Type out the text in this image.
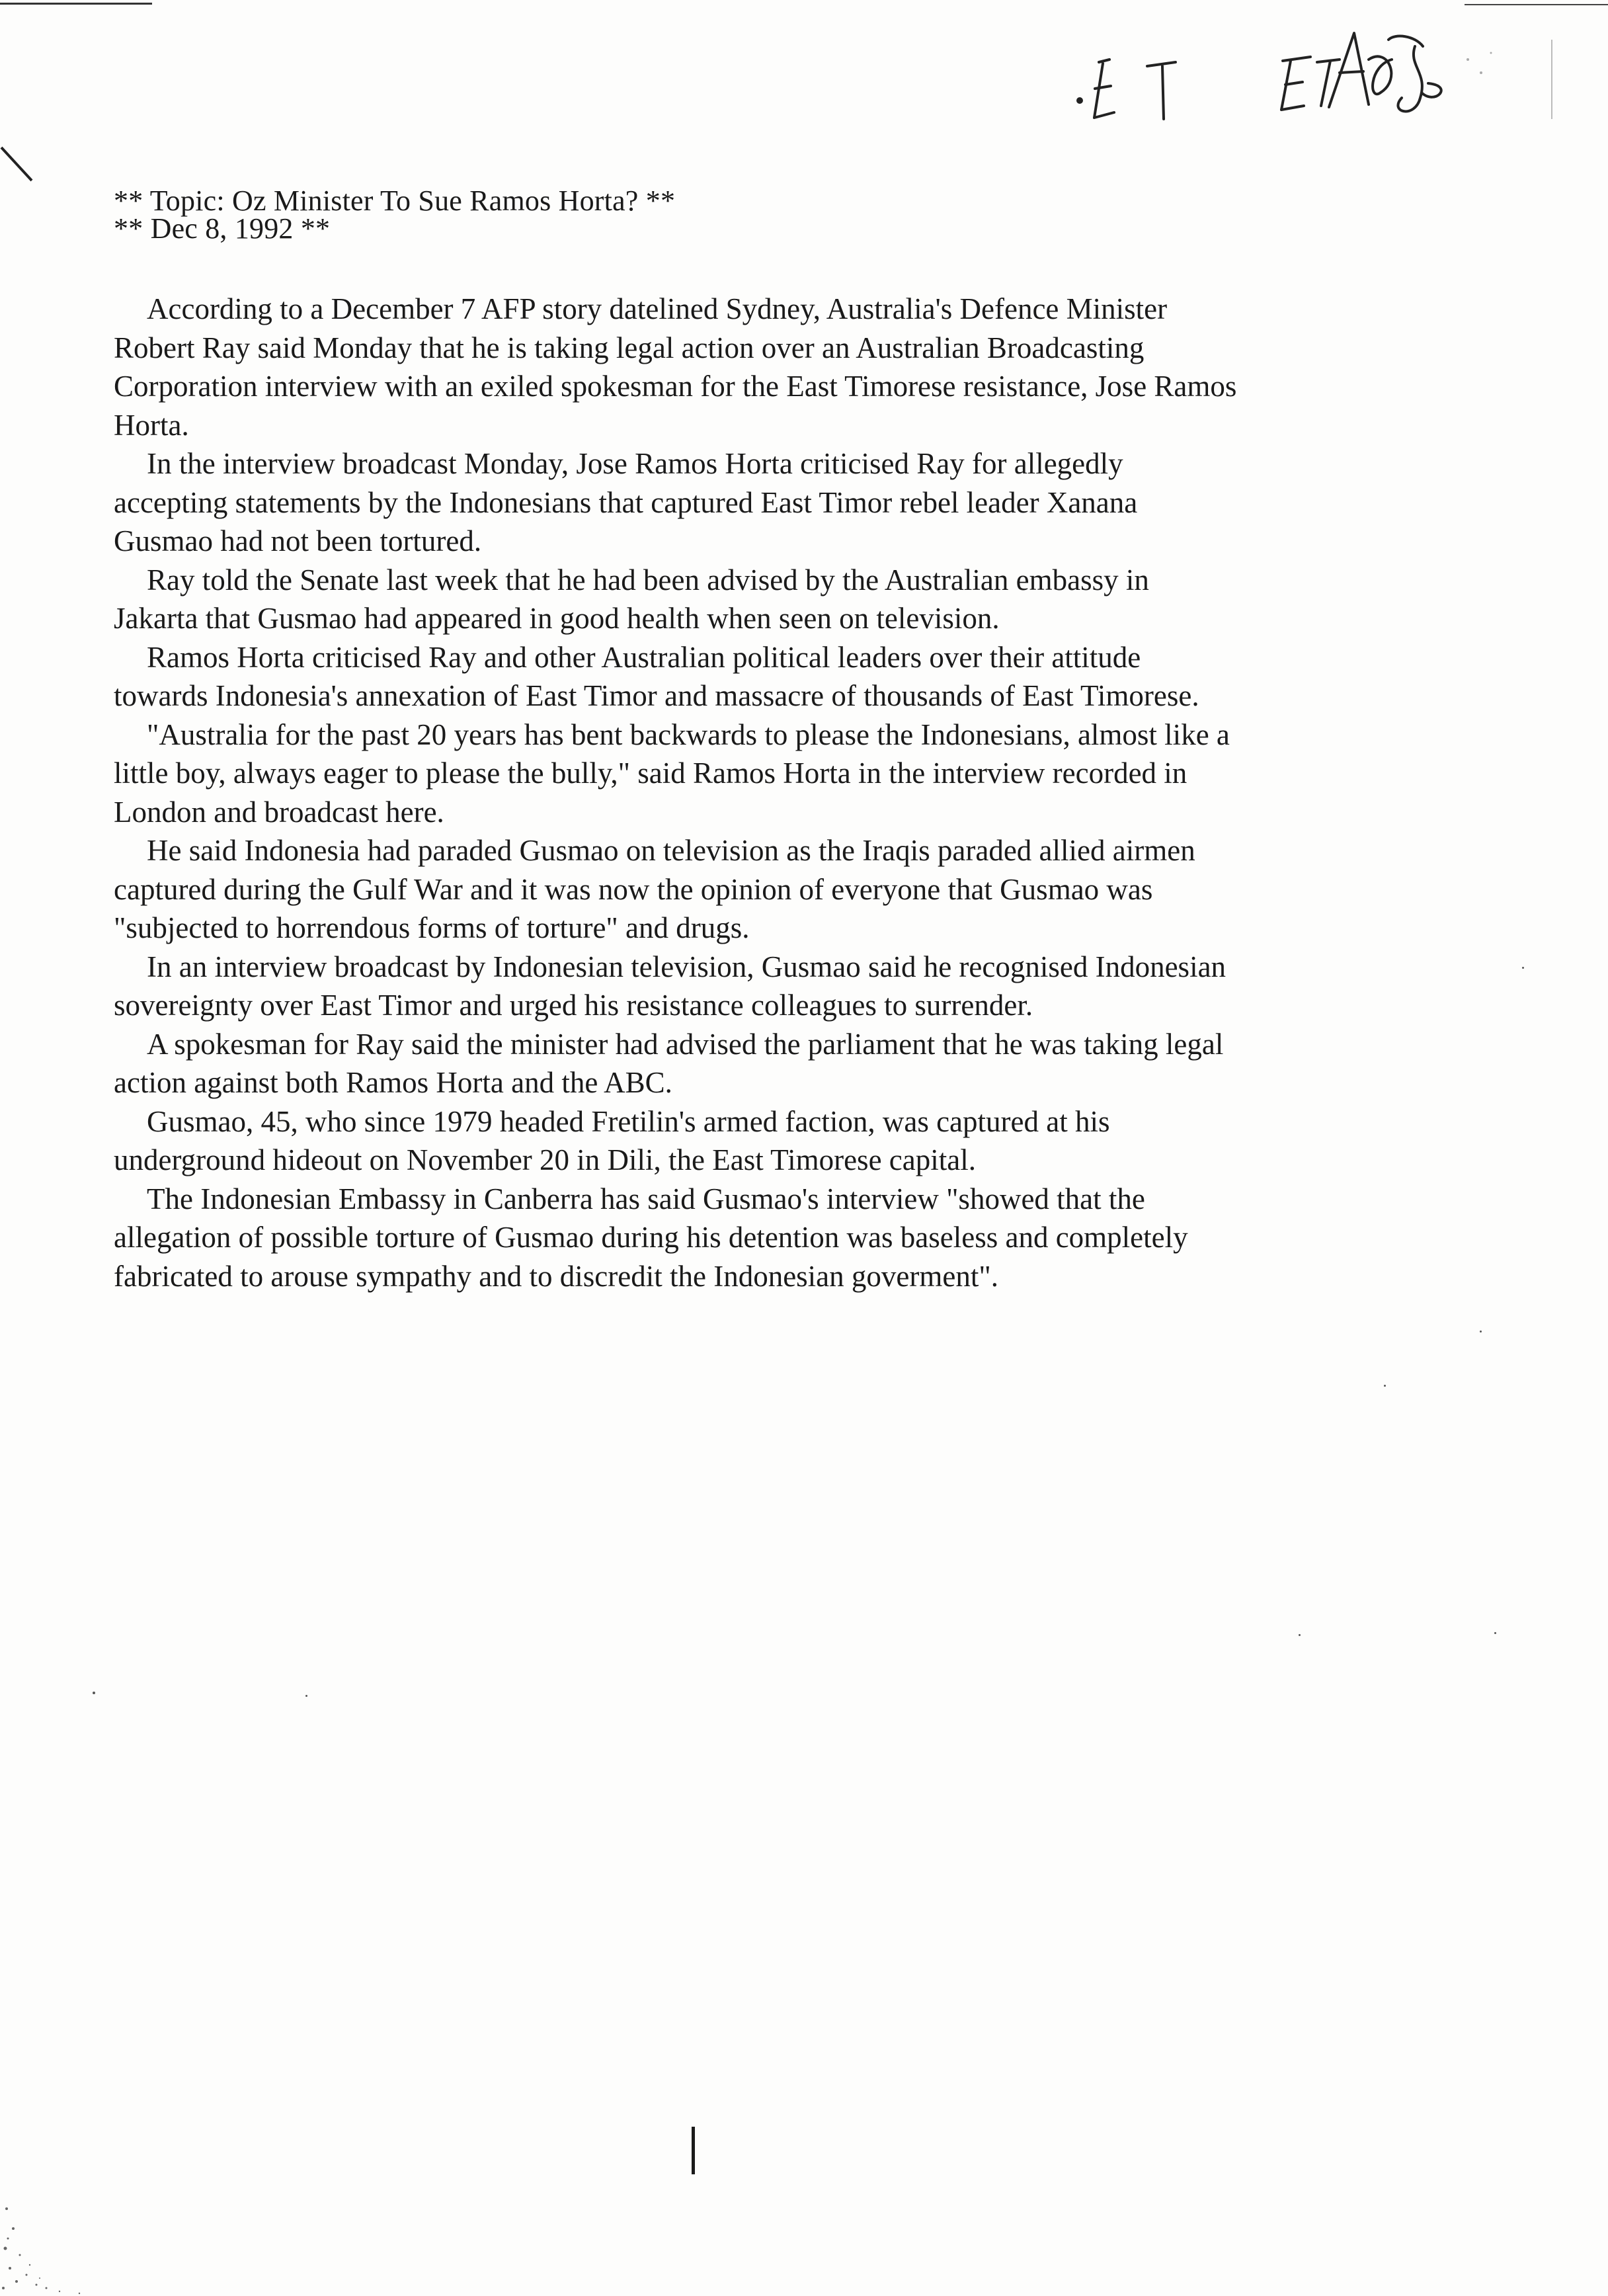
** Topic: Oz Minister To Sue Ramos Horta? **
** Dec 8, 1992 **

According to a December 7 AFP story datelined Sydney, Australia's Defence Minister Robert Ray said Monday that he is taking legal action over an Australian Broadcasting Corporation interview with an exiled spokesman for the East Timorese resistance, Jose Ramos Horta.

In the interview broadcast Monday, Jose Ramos Horta criticised Ray for allegedly accepting statements by the Indonesians that captured East Timor rebel leader Xanana Gusmao had not been tortured.

Ray told the Senate last week that he had been advised by the Australian embassy in Jakarta that Gusmao had appeared in good health when seen on television.

Ramos Horta criticised Ray and other Australian political leaders over their attitude towards Indonesia's annexation of East Timor and massacre of thousands of East Timorese.

"Australia for the past 20 years has bent backwards to please the Indonesians, almost like a little boy, always eager to please the bully," said Ramos Horta in the interview recorded in London and broadcast here.

He said Indonesia had paraded Gusmao on television as the Iraqis paraded allied airmen captured during the Gulf War and it was now the opinion of everyone that Gusmao was "subjected to horrendous forms of torture" and drugs.

In an interview broadcast by Indonesian television, Gusmao said he recognised Indonesian sovereignty over East Timor and urged his resistance colleagues to surrender.

A spokesman for Ray said the minister had advised the parliament that he was taking legal action against both Ramos Horta and the ABC.

Gusmao, 45, who since 1979 headed Fretilin's armed faction, was captured at his underground hideout on November 20 in Dili, the East Timorese capital.

The Indonesian Embassy in Canberra has said Gusmao's interview "showed that the allegation of possible torture of Gusmao during his detention was baseless and completely fabricated to arouse sympathy and to discredit the Indonesian goverment".
